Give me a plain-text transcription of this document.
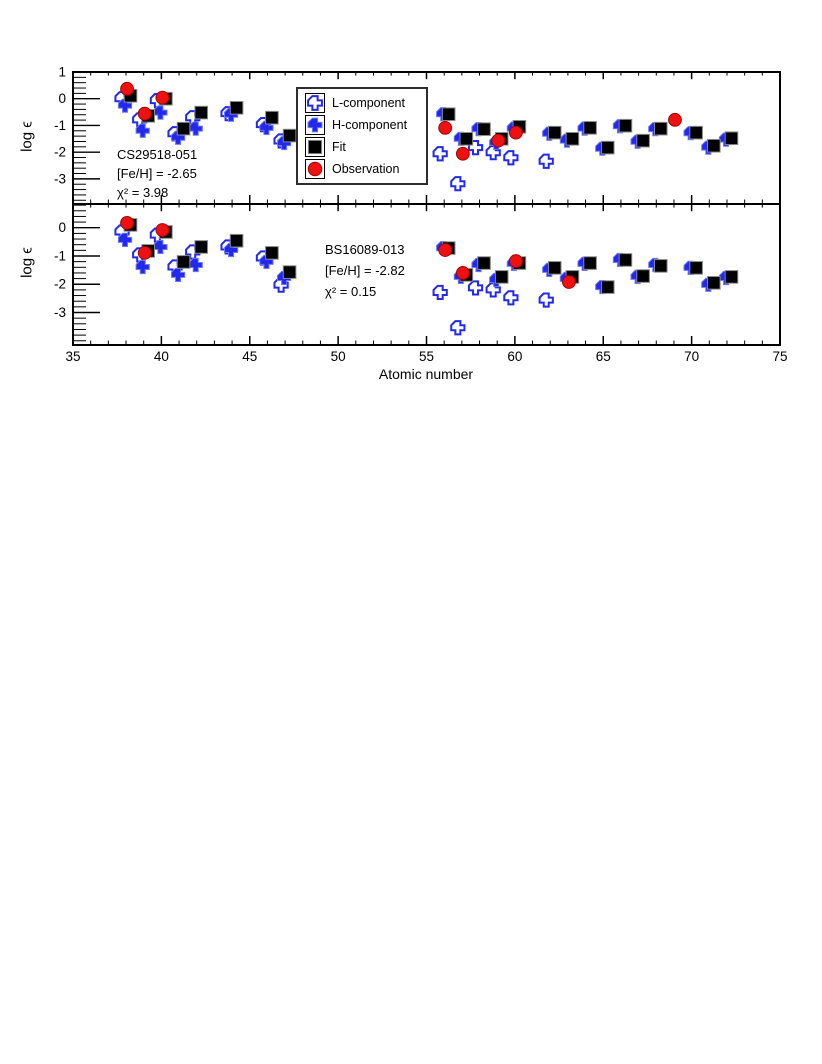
1
0
-1
-2
-3
0
-1
-2
-3
35	40	45	50	55	60	65	70	75
log ϵ
log ϵ
Atomic number
CS29518-051
[Fe/H] = -2.65
χ² = 3.98
BS16089-013
[Fe/H] = -2.82
χ² = 0.15
L-component
H-component
Fit
Observation
